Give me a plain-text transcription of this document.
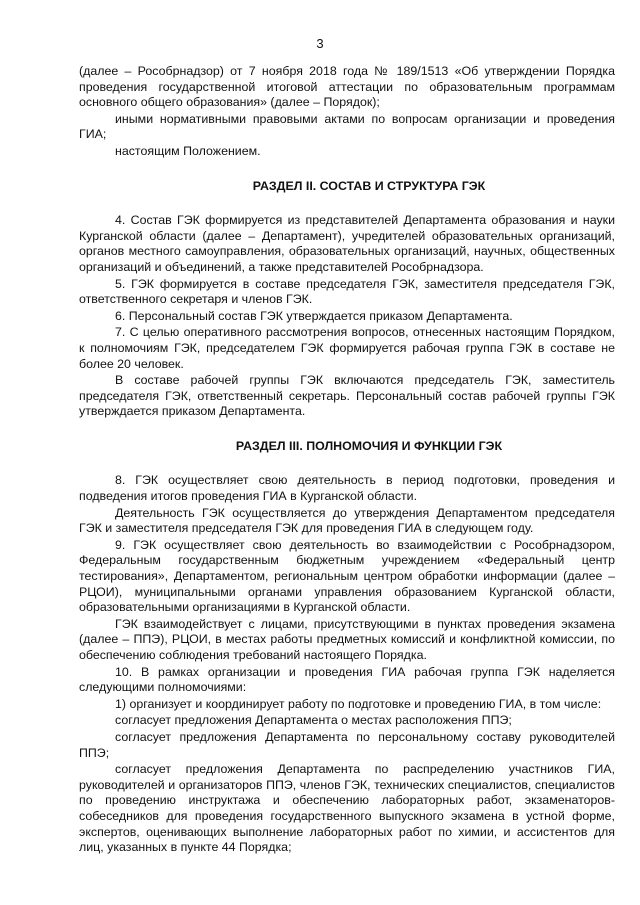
3

(далее – Рособрнадзор) от 7 ноября 2018 года № 189/1513 «Об утверждении Порядка проведения государственной итоговой аттестации по образовательным программам основного общего образования» (далее – Порядок);

иными нормативными правовыми актами по вопросам организации и проведения ГИА;

настоящим Положением.

РАЗДЕЛ II. СОСТАВ И СТРУКТУРА ГЭК

4. Состав ГЭК формируется из представителей Департамента образования и науки Курганской области (далее – Департамент), учредителей образовательных организаций, органов местного самоуправления, образовательных организаций, научных, общественных организаций и объединений, а также представителей Рособрнадзора.

5. ГЭК формируется в составе председателя ГЭК, заместителя председателя ГЭК, ответственного секретаря и членов ГЭК.

6. Персональный состав ГЭК утверждается приказом Департамента.

7. С целью оперативного рассмотрения вопросов, отнесенных настоящим Порядком, к полномочиям ГЭК, председателем ГЭК формируется рабочая группа ГЭК в составе не более 20 человек.

В составе рабочей группы ГЭК включаются председатель ГЭК, заместитель председателя ГЭК, ответственный секретарь. Персональный состав рабочей группы ГЭК утверждается приказом Департамента.

РАЗДЕЛ III. ПОЛНОМОЧИЯ И ФУНКЦИИ ГЭК

8. ГЭК осуществляет свою деятельность в период подготовки, проведения и подведения итогов проведения ГИА в Курганской области.

Деятельность ГЭК осуществляется до утверждения Департаментом председателя ГЭК и заместителя председателя ГЭК для проведения ГИА в следующем году.

9. ГЭК осуществляет свою деятельность во взаимодействии с Рособрнадзором, Федеральным государственным бюджетным учреждением «Федеральный центр тестирования», Департаментом, региональным центром обработки информации (далее – РЦОИ), муниципальными органами управления образованием Курганской области, образовательными организациями в Курганской области.

ГЭК взаимодействует с лицами, присутствующими в пунктах проведения экзамена (далее – ППЭ), РЦОИ, в местах работы предметных комиссий и конфликтной комиссии, по обеспечению соблюдения требований настоящего Порядка.

10. В рамках организации и проведения ГИА рабочая группа ГЭК наделяется следующими полномочиями:

1) организует и координирует работу по подготовке и проведению ГИА, в том числе:

согласует предложения Департамента о местах расположения ППЭ;

согласует предложения Департамента по персональному составу руководителей ППЭ;

согласует предложения Департамента по распределению участников ГИА, руководителей и организаторов ППЭ, членов ГЭК, технических специалистов, специалистов по проведению инструктажа и обеспечению лабораторных работ, экзаменаторов-собеседников для проведения государственного выпускного экзамена в устной форме, экспертов, оценивающих выполнение лабораторных работ по химии, и ассистентов для лиц, указанных в пункте 44 Порядка;
